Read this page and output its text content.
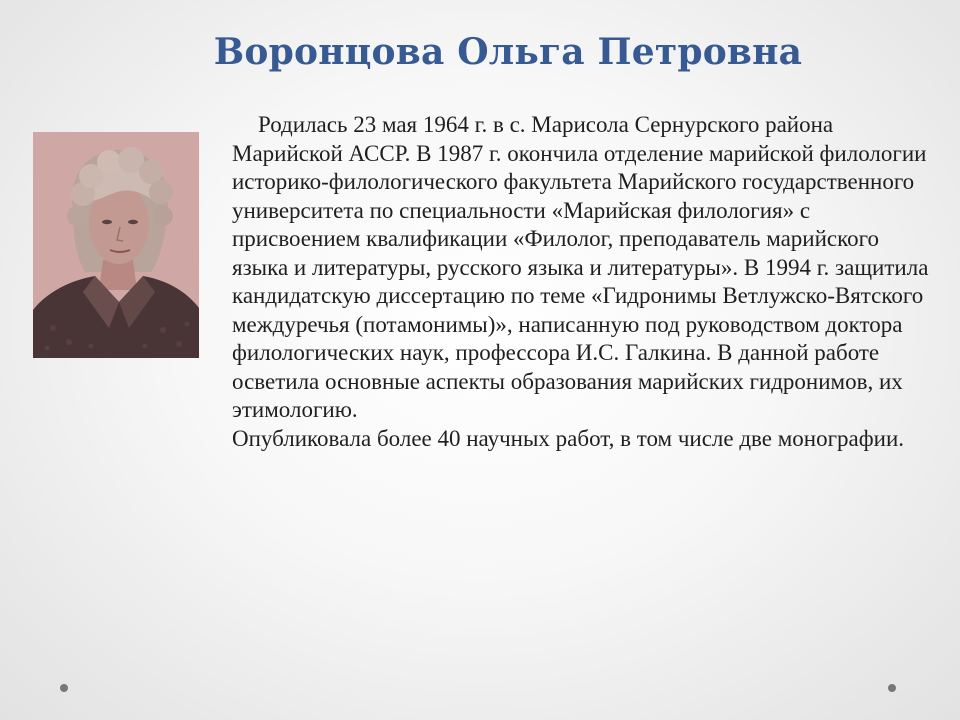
Воронцова Ольга Петровна

Родилась 23 мая 1964 г. в с. Марисола Сернурского района Марийской АССР. В 1987 г. окончила отделение марийской филологии историко-филологического факультета Марийского государственного университета по специальности «Марийская филология» с присвоением квалификации «Филолог, преподаватель марийского языка и литературы, русского языка и литературы». В 1994 г. защитила кандидатскую диссертацию по теме «Гидронимы Ветлужско-Вятского междуречья (потамонимы)», написанную под руководством доктора филологических наук, профессора И.С. Галкина. В данной работе осветила основные аспекты образования марийских гидронимов, их этимологию.

Опубликовала более 40 научных работ, в том числе две монографии.
